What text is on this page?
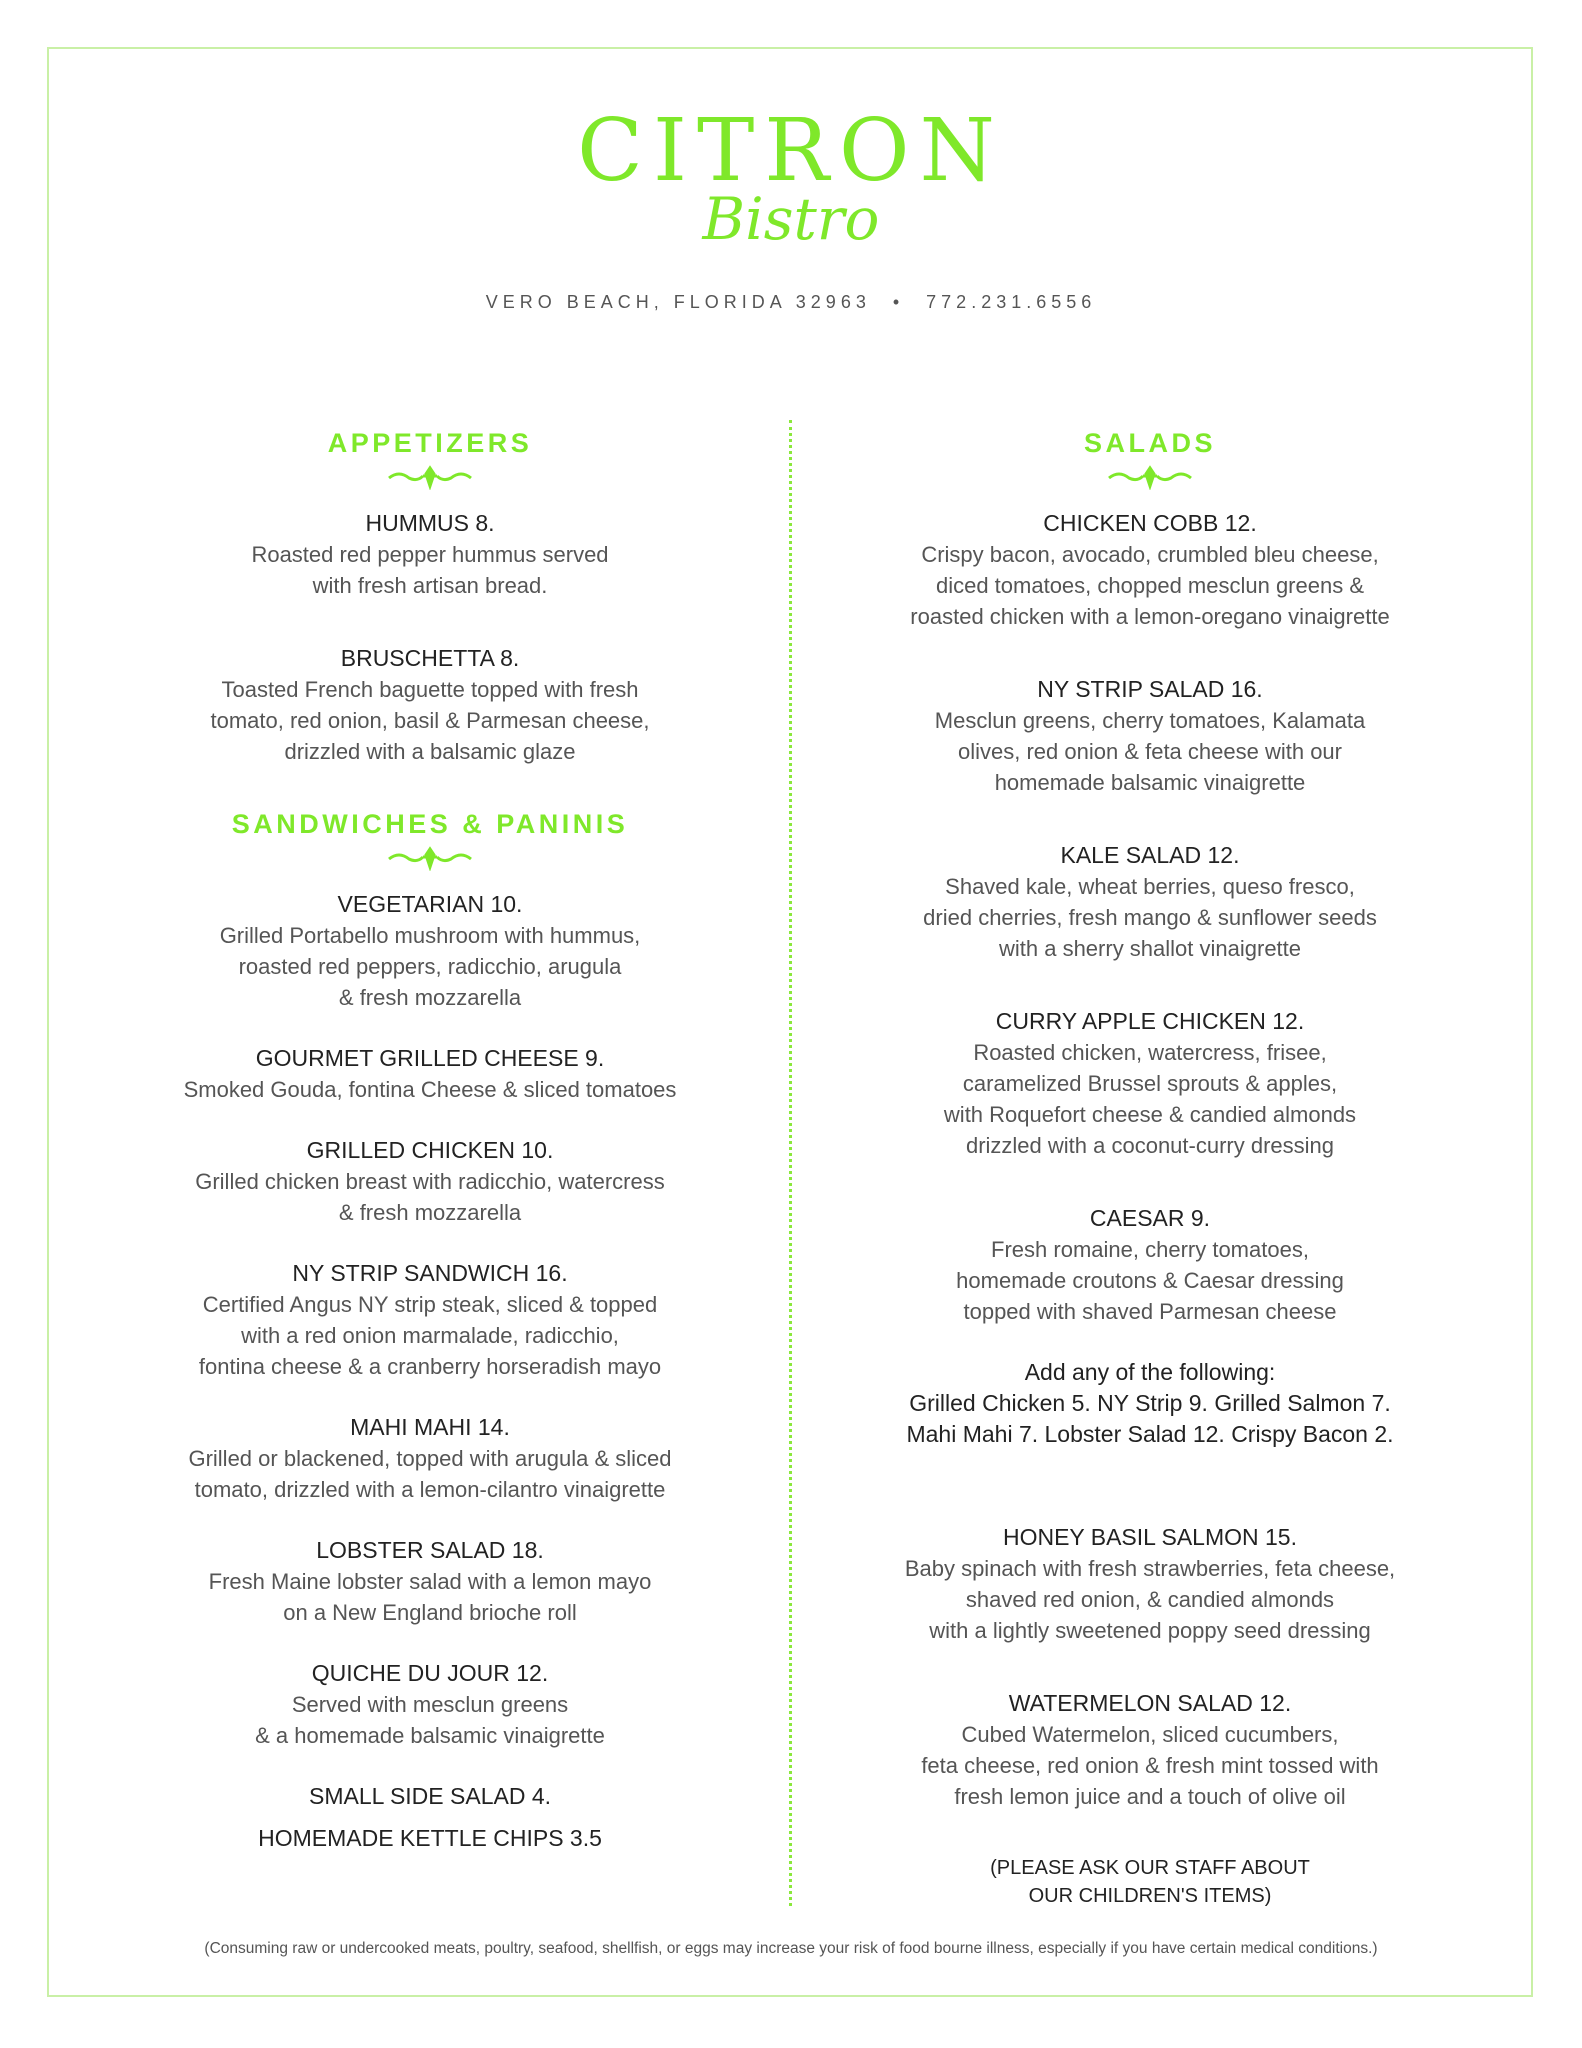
CITRON
Bistro
VERO BEACH, FLORIDA 32963 • 772.231.6556
APPETIZERS
HUMMUS 8.
Roasted red pepper hummus served
with fresh artisan bread.
BRUSCHETTA 8.
Toasted French baguette topped with fresh
tomato, red onion, basil & Parmesan cheese,
drizzled with a balsamic glaze
SANDWICHES & PANINIS
VEGETARIAN 10.
Grilled Portabello mushroom with hummus,
roasted red peppers, radicchio, arugula
& fresh mozzarella
GOURMET GRILLED CHEESE 9.
Smoked Gouda, fontina Cheese & sliced tomatoes
GRILLED CHICKEN 10.
Grilled chicken breast with radicchio, watercress
& fresh mozzarella
NY STRIP SANDWICH 16.
Certified Angus NY strip steak, sliced & topped
with a red onion marmalade, radicchio,
fontina cheese & a cranberry horseradish mayo
MAHI MAHI 14.
Grilled or blackened, topped with arugula & sliced
tomato, drizzled with a lemon-cilantro vinaigrette
LOBSTER SALAD 18.
Fresh Maine lobster salad with a lemon mayo
on a New England brioche roll
QUICHE DU JOUR 12.
Served with mesclun greens
& a homemade balsamic vinaigrette
SMALL SIDE SALAD 4.
HOMEMADE KETTLE CHIPS 3.5
SALADS
CHICKEN COBB 12.
Crispy bacon, avocado, crumbled bleu cheese,
diced tomatoes, chopped mesclun greens &
roasted chicken with a lemon-oregano vinaigrette
NY STRIP SALAD 16.
Mesclun greens, cherry tomatoes, Kalamata
olives, red onion & feta cheese with our
homemade balsamic vinaigrette
KALE SALAD 12.
Shaved kale, wheat berries, queso fresco,
dried cherries, fresh mango & sunflower seeds
with a sherry shallot vinaigrette
CURRY APPLE CHICKEN 12.
Roasted chicken, watercress, frisee,
caramelized Brussel sprouts & apples,
with Roquefort cheese & candied almonds
drizzled with a coconut-curry dressing
CAESAR 9.
Fresh romaine, cherry tomatoes,
homemade croutons & Caesar dressing
topped with shaved Parmesan cheese
Add any of the following:
Grilled Chicken 5. NY Strip 9. Grilled Salmon 7.
Mahi Mahi 7. Lobster Salad 12. Crispy Bacon 2.
HONEY BASIL SALMON 15.
Baby spinach with fresh strawberries, feta cheese,
shaved red onion, & candied almonds
with a lightly sweetened poppy seed dressing
WATERMELON SALAD 12.
Cubed Watermelon, sliced cucumbers,
feta cheese, red onion & fresh mint tossed with
fresh lemon juice and a touch of olive oil
(PLEASE ASK OUR STAFF ABOUT
OUR CHILDREN'S ITEMS)
(Consuming raw or undercooked meats, poultry, seafood, shellfish, or eggs may increase your risk of food bourne illness, especially if you have certain medical conditions.)
